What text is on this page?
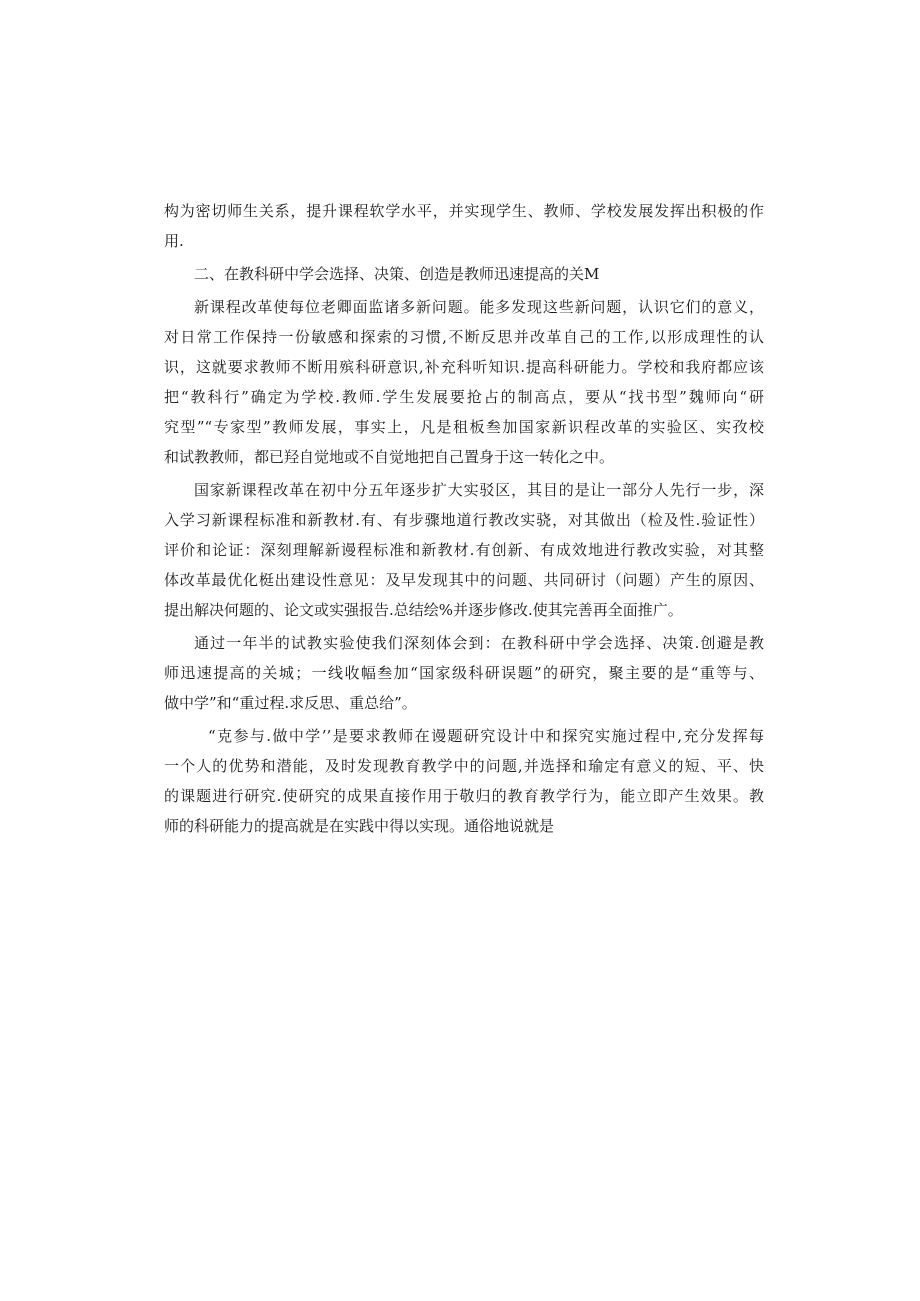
构为密切师生关系，提升课程软学水平，并实现学生、教师、学校发展发挥出积极的作
用.
二、在教科研中学会选择、决策、创造是教师迅速提高的关M
新课程改革使每位老卿面监诸多新问题。能多发现这些新问题，认识它们的意义，
对日常工作保持一份敏感和探索的习惯,不断反思并改革自己的工作,以形成理性的认
识，这就要求教师不断用殡科研意识,补充科听知识.提高科研能力。学校和我府都应该
把“教科行”确定为学校.教师.学生发展要抢占的制高点，要从“找书型”魏师向“研
究型”“专家型”教师发展，事实上，凡是租板叁加国家新识程改革的实验区、实孜校
和试教教师，都已羟自觉地或不自觉地把自己置身于这一转化之中。
国家新课程改革在初中分五年逐步扩大实驳区，其目的是让一部分人先行一步，深
入学习新课程标准和新教材.有、有步骤地道行教改实骁，对其做出（检及性.验证性）
评价和论证：深刻理解新谩程标准和新教材.有创新、有成效地进行教改实验，对其整
体改革最优化梃出建设性意见：及早发现其中的问题、共同研讨（问题）产生的原因、
提出解决何题的、论文或实强报告.总结绘%并逐步修改.使其完善再全面推广。
通过一年半的试教实验使我们深刻体会到：在教科研中学会选择、决策.创避是教
师迅速提高的关城；一线收幅叁加“国家级科研误题”的研究，聚主要的是“重等与、
做中学”和“重过程.求反思、重总给”。
“克参与.做中学’’是要求教师在谩题研究设计中和探究实施过程中,充分发挥每
一个人的优势和潜能，及时发现教育教学中的问题,并选择和瑜定有意义的短、平、快
的课题进行研究.使研究的成果直接作用于敬归的教育教学行为，能立即产生效果。教
师的科研能力的提高就是在实践中得以实现。通俗地说就是
